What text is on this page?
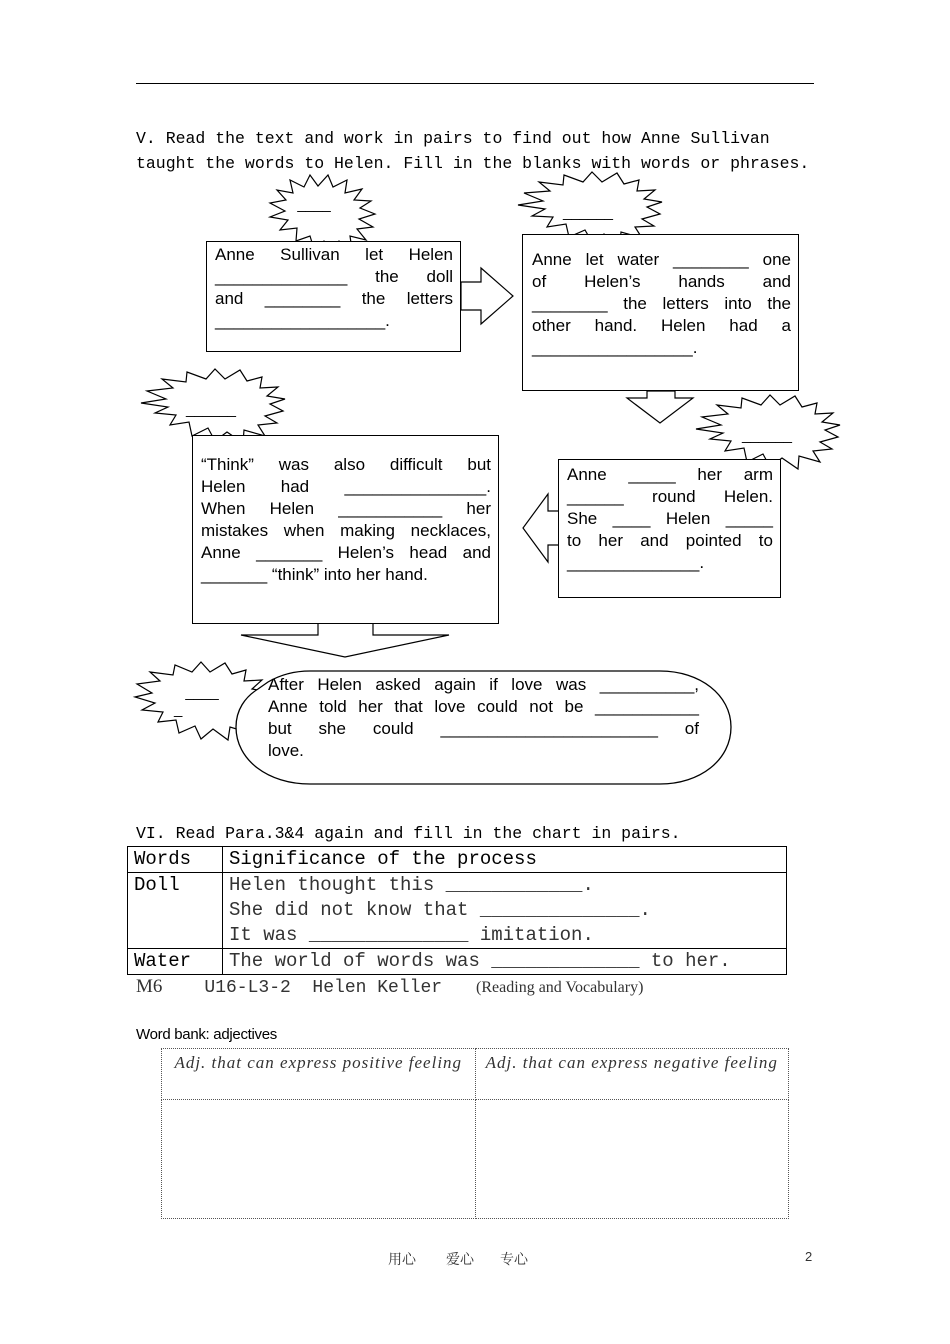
V. Read the text and work in pairs to find out how Anne Sullivan
taught the words to Helen. Fill in the blanks with words or phrases.
____	______
______
______
____
_
Anne Sullivan let Helen
______________ the doll
and ________ the letters
__________________.
Anne let water ________ one
of Helen’s hands and
________ the letters into the
other hand. Helen had a
_________________.
Anne _____ her arm
______ round Helen.
She ____ Helen _____
to her and pointed to
______________.
“Think” was also difficult but
Helen had _______________.
When Helen ___________ her
mistakes when making necklaces,
Anne _______ Helen’s head and
_______ “think” into her hand.
After Helen asked again if love was __________,
Anne told her that love could not be ___________
but she could _______________________ of
love.
VI. Read Para.3&4 again and fill in the chart in pairs.
Words	Significance of the process
Doll	Helen thought this ____________.
She did not know that ______________.
It was ______________ imitation.

Water	The world of words was _____________ to her.
M6 U16-L3-2  Helen Keller (Reading and Vocabulary)
Word bank: adjectives
Adj. that can express positive feeling	Adj. that can express negative feeling

用心 爱心 专心	2
